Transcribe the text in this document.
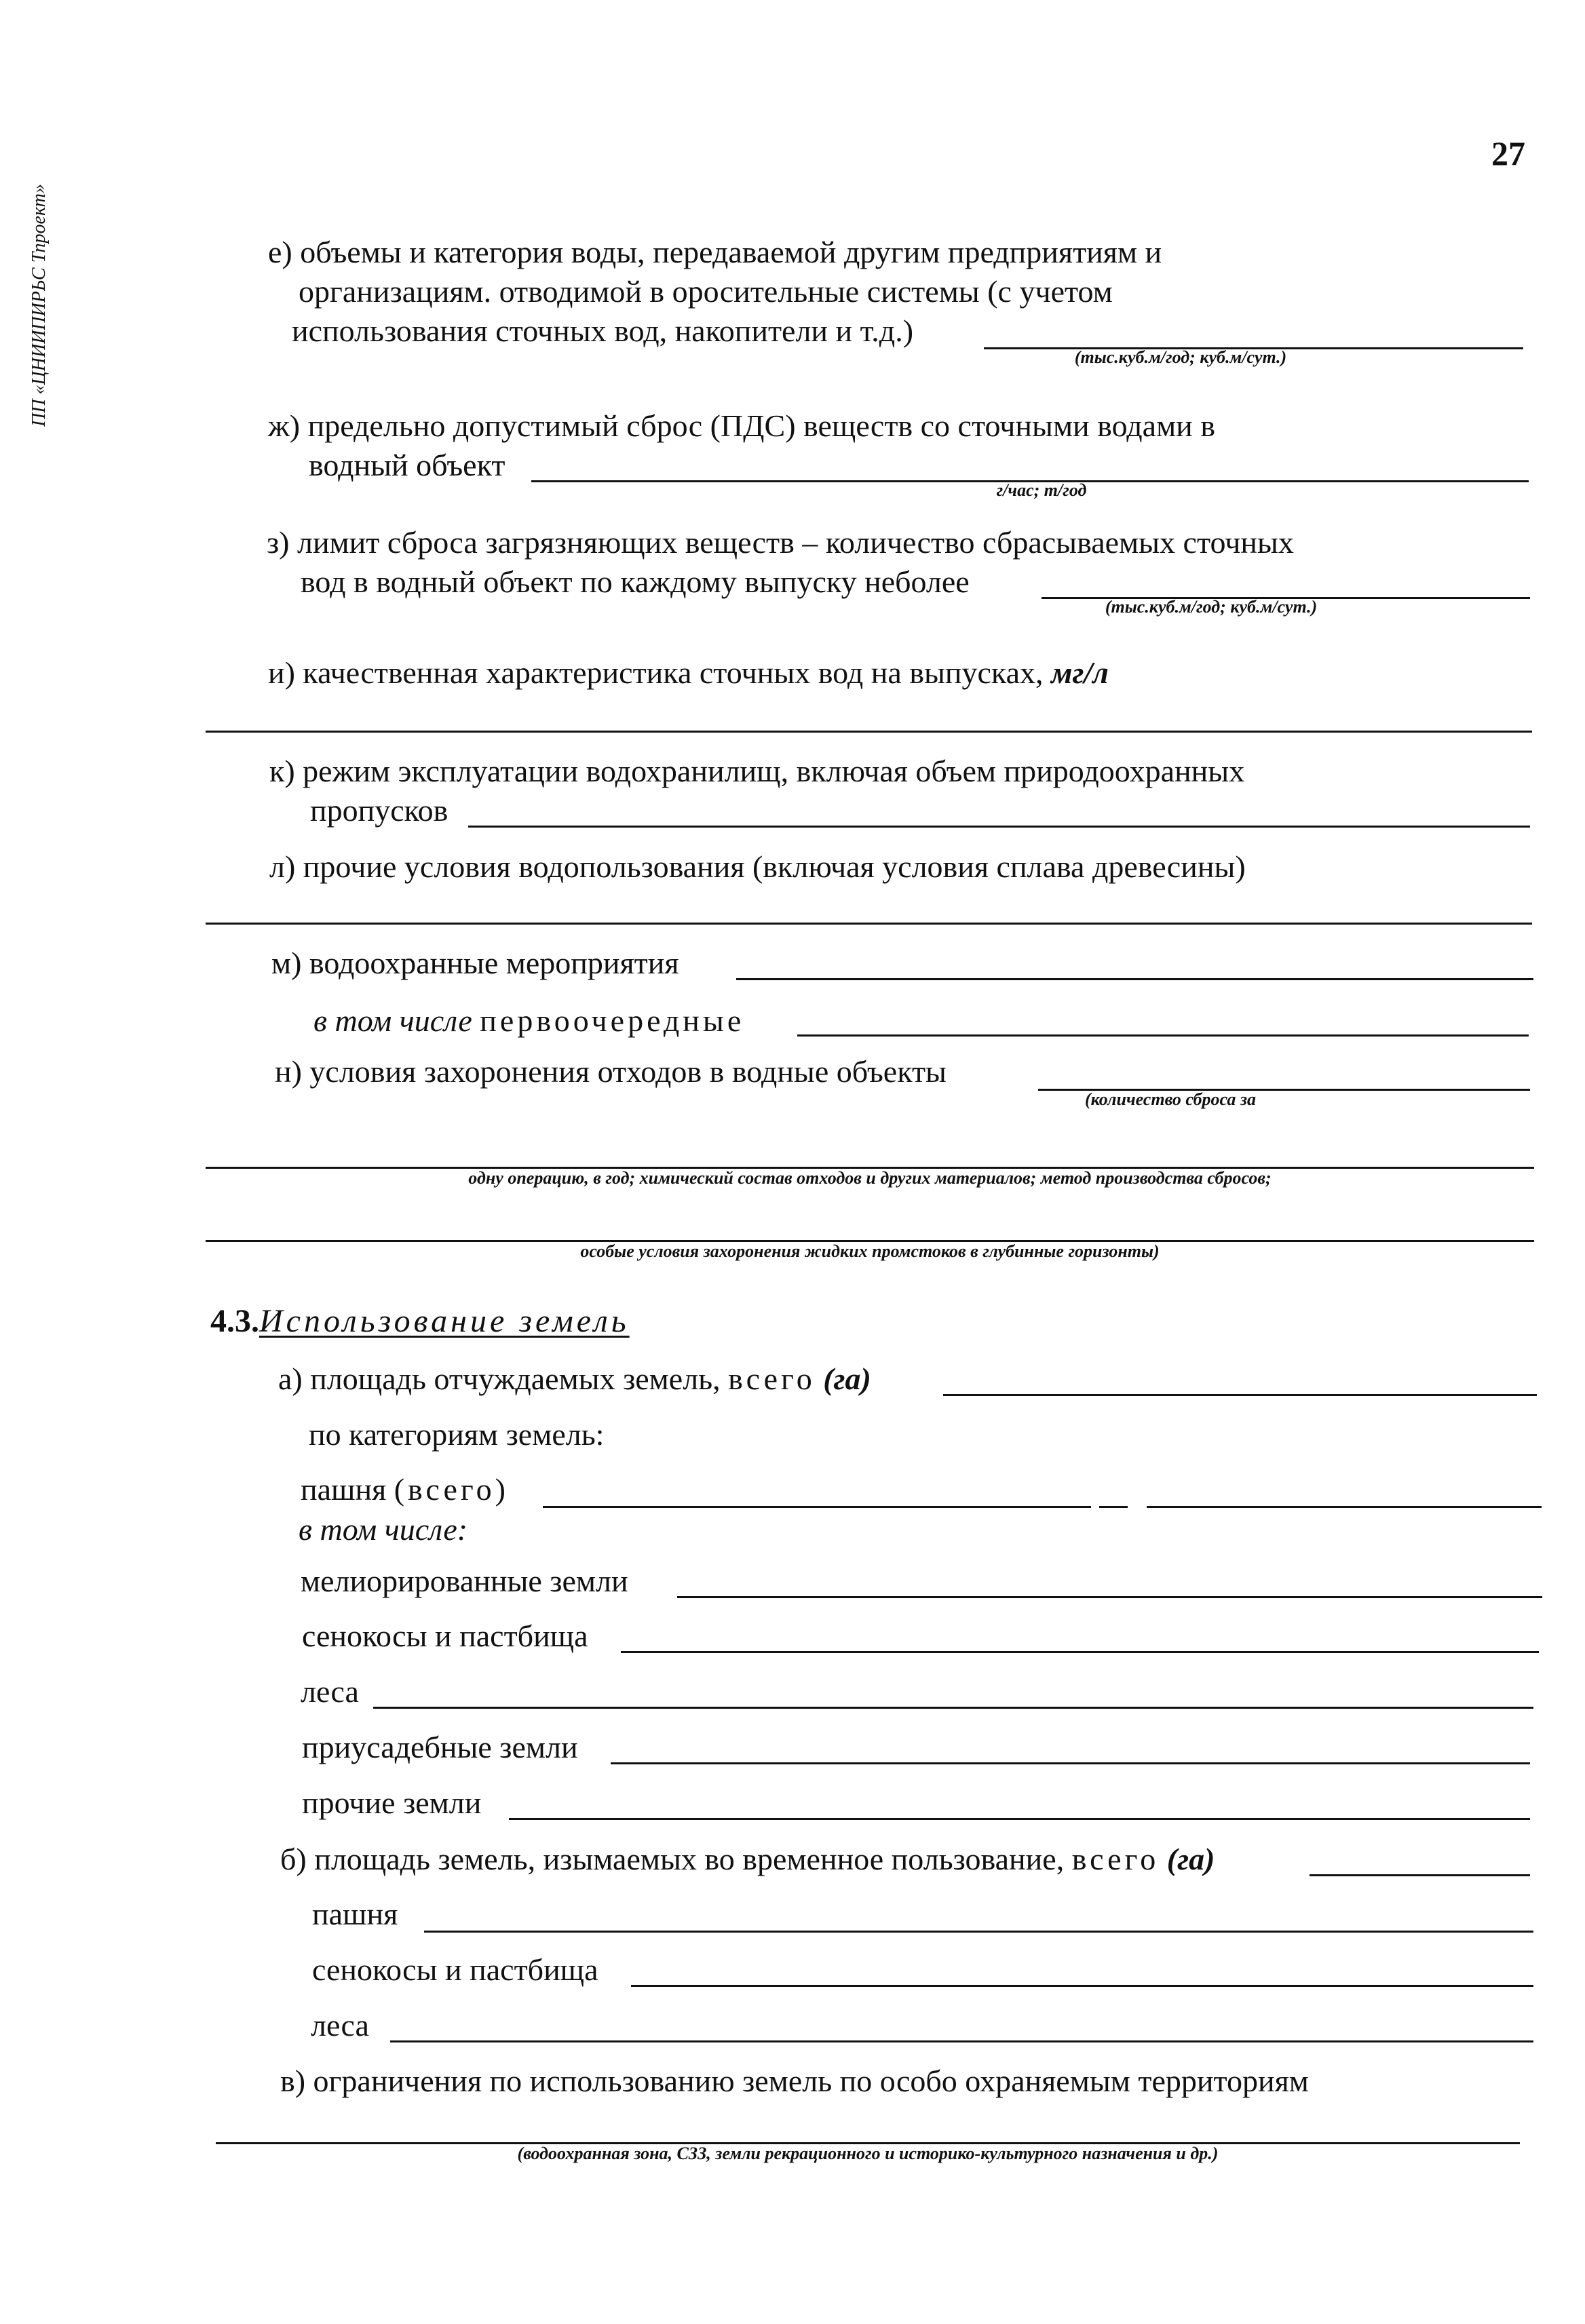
ПП «ЦНИИПИРЬС Тпроект»
27
е) объемы и категория воды, передаваемой другим предприятиям и
организациям. отводимой в оросительные системы (с учетом
использования сточных вод, накопители и т.д.)
(тыс.куб.м/год; куб.м/сут.)
ж) предельно допустимый сброс (ПДС) веществ со сточными водами в
водный объект
г/час; т/год
з) лимит сброса загрязняющих веществ – количество сбрасываемых сточных
вод в водный объект по каждому выпуску неболее
(тыс.куб.м/год; куб.м/сут.)
и) качественная характеристика сточных вод на выпусках, мг/л
к) режим эксплуатации водохранилищ, включая объем природоохранных
пропусков
л) прочие условия водопользования (включая условия сплава древесины)
м) водоохранные мероприятия
в том числе первоочередные
н) условия захоронения отходов в водные объекты
(количество сброса за
одну операцию, в год; химический состав отходов и других материалов; метод производства сбросов;
особые условия захоронения жидких промстоков в глубинные горизонты)
4.3.Использование земель
а) площадь отчуждаемых земель, всего (га)
по категориям земель:
пашня (всего)
в том числе:
мелиорированные земли
сенокосы и пастбища
леса
приусадебные земли
прочие земли
б) площадь земель, изымаемых во временное пользование, всего (га)
пашня
сенокосы и пастбища
леса
в) ограничения по использованию земель по особо охраняемым территориям
(водоохранная зона, СЗЗ, земли рекрационного и историко-культурного назначения и др.)
